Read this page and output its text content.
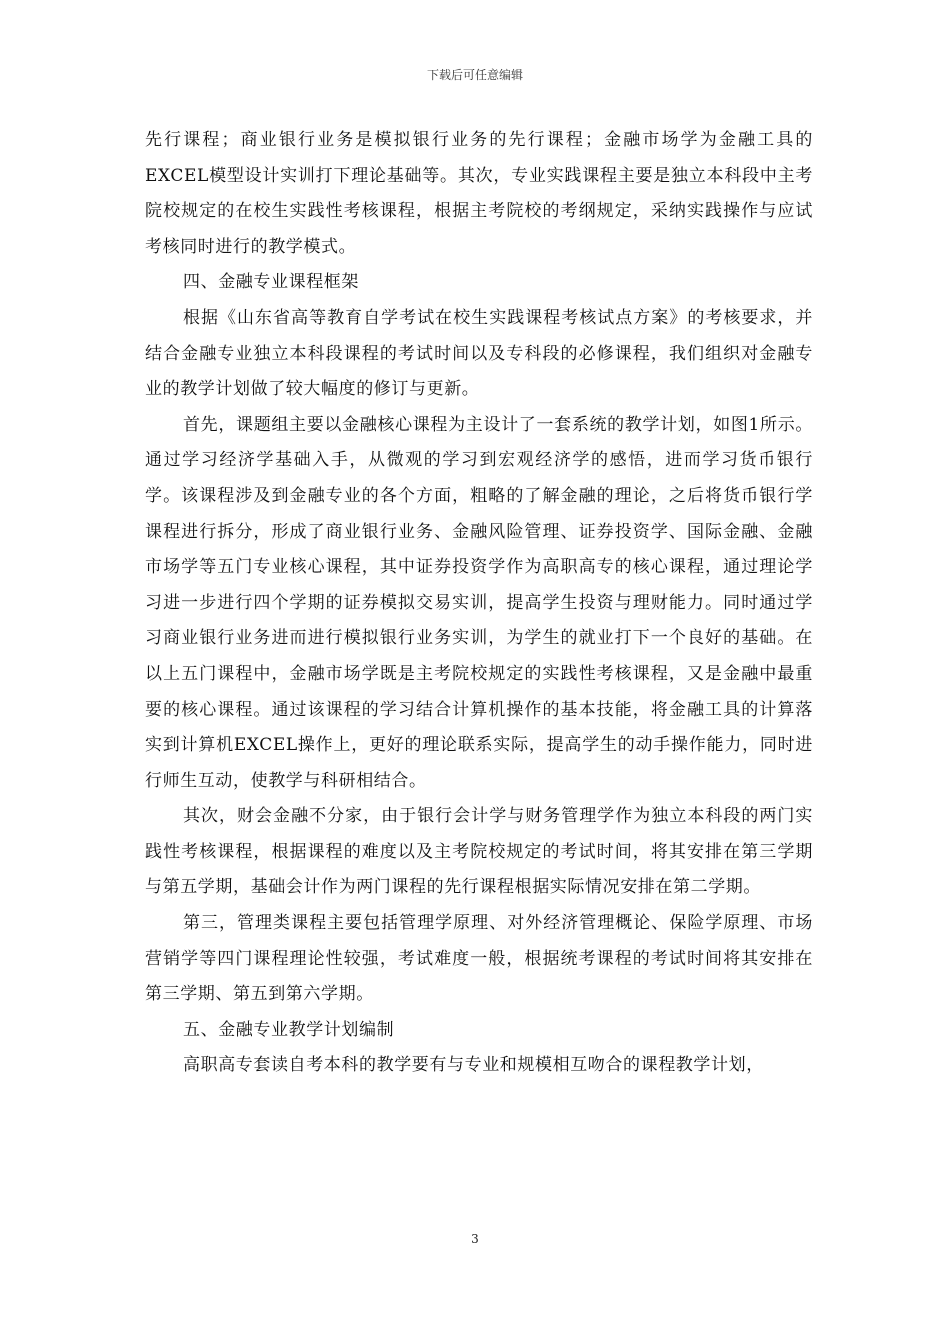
下载后可任意编辑

先行课程；商业银行业务是模拟银行业务的先行课程；金融市场学为金融工具的EXCEL模型设计实训打下理论基础等。其次，专业实践课程主要是独立本科段中主考院校规定的在校生实践性考核课程，根据主考院校的考纲规定，采纳实践操作与应试考核同时进行的教学模式。

四、金融专业课程框架

根据《山东省高等教育自学考试在校生实践课程考核试点方案》的考核要求，并结合金融专业独立本科段课程的考试时间以及专科段的必修课程，我们组织对金融专业的教学计划做了较大幅度的修订与更新。

首先，课题组主要以金融核心课程为主设计了一套系统的教学计划，如图1所示。通过学习经济学基础入手，从微观的学习到宏观经济学的感悟，进而学习货币银行学。该课程涉及到金融专业的各个方面，粗略的了解金融的理论，之后将货币银行学课程进行拆分，形成了商业银行业务、金融风险管理、证券投资学、国际金融、金融市场学等五门专业核心课程，其中证券投资学作为高职高专的核心课程，通过理论学习进一步进行四个学期的证券模拟交易实训，提高学生投资与理财能力。同时通过学习商业银行业务进而进行模拟银行业务实训，为学生的就业打下一个良好的基础。在以上五门课程中，金融市场学既是主考院校规定的实践性考核课程，又是金融中最重要的核心课程。通过该课程的学习结合计算机操作的基本技能，将金融工具的计算落实到计算机EXCEL操作上，更好的理论联系实际，提高学生的动手操作能力，同时进行师生互动，使教学与科研相结合。

其次，财会金融不分家，由于银行会计学与财务管理学作为独立本科段的两门实践性考核课程，根据课程的难度以及主考院校规定的考试时间，将其安排在第三学期与第五学期，基础会计作为两门课程的先行课程根据实际情况安排在第二学期。

第三，管理类课程主要包括管理学原理、对外经济管理概论、保险学原理、市场营销学等四门课程理论性较强，考试难度一般，根据统考课程的考试时间将其安排在第三学期、第五到第六学期。

五、金融专业教学计划编制

高职高专套读自考本科的教学要有与专业和规模相互吻合的课程教学计划，

3
